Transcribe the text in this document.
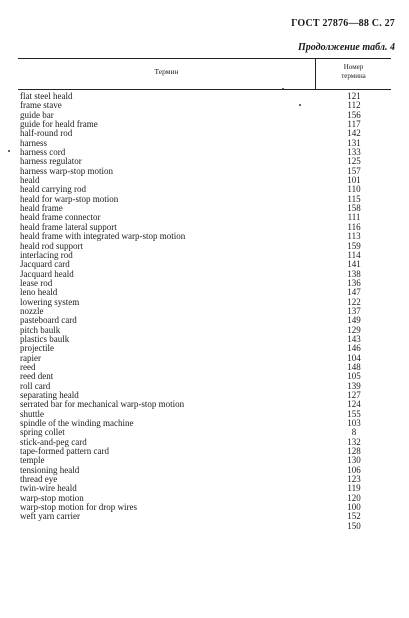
ГОСТ 27876—88 С. 27
Продолжение табл. 4
Термин	Номер
термина
flat steel heald	121
frame stave	112
guide bar	156
guide for heald frame	117
half-round rod	142
harness	131
harness cord	133
harness regulator	125
harness warp-stop motion	157
heald	101
heald carrying rod	110
heald for warp-stop motion	115
heald frame	158
heald frame connector	111
heald frame lateral support	116
heald frame with integrated warp-stop motion	113
heald rod support	159
interlacing rod	114
Jacquard card	141
Jacquard heald	138
lease rod	136
leno heald	147
lowering system	122
nozzle	137
pasteboard card	149
pitch baulk	129
plastics baulk	143
projectile	146
rapier	104
reed	148
reed dent	105
roll card	139
separating heald	127
serrated bar for mechanical warp-stop motion	124
shuttle	155
spindle of the winding machine	103
spring collet	8
stick-and-peg card	132
tape-formed pattern card	128
temple	130
tensioning heald	106
thread eye	123
twin-wire heald	119
warp-stop motion	120
warp-stop motion for drop wires	100
weft yarn carrier	152
150
